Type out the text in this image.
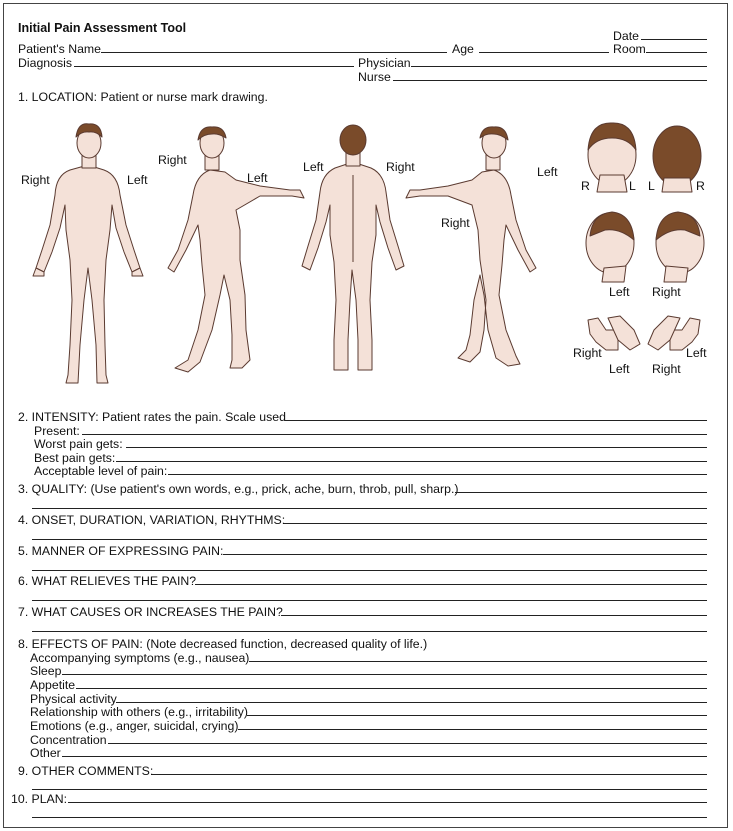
Initial Pain Assessment Tool
Date
Patient's Name	Age	Room
Diagnosis	Physician
Nurse
1. LOCATION: Patient or nurse mark drawing.
Right	Left
Right
Left
Left	Right
Right
Left
R	L L	R
Left Right
Right
Left Right
Left
2. INTENSITY: Patient rates the pain. Scale used
Present:
Worst pain gets:
Best pain gets:
Acceptable level of pain:
3. QUALITY: (Use patient's own words, e.g., prick, ache, burn, throb, pull, sharp.)
4. ONSET, DURATION, VARIATION, RHYTHMS:
5. MANNER OF EXPRESSING PAIN:
6. WHAT RELIEVES THE PAIN?
7. WHAT CAUSES OR INCREASES THE PAIN?
8. EFFECTS OF PAIN: (Note decreased function, decreased quality of life.)
Accompanying symptoms (e.g., nausea)
Sleep
Appetite
Physical activity
Relationship with others (e.g., irritability)
Emotions (e.g., anger, suicidal, crying)
Concentration
Other
9. OTHER COMMENTS:
10. PLAN:
